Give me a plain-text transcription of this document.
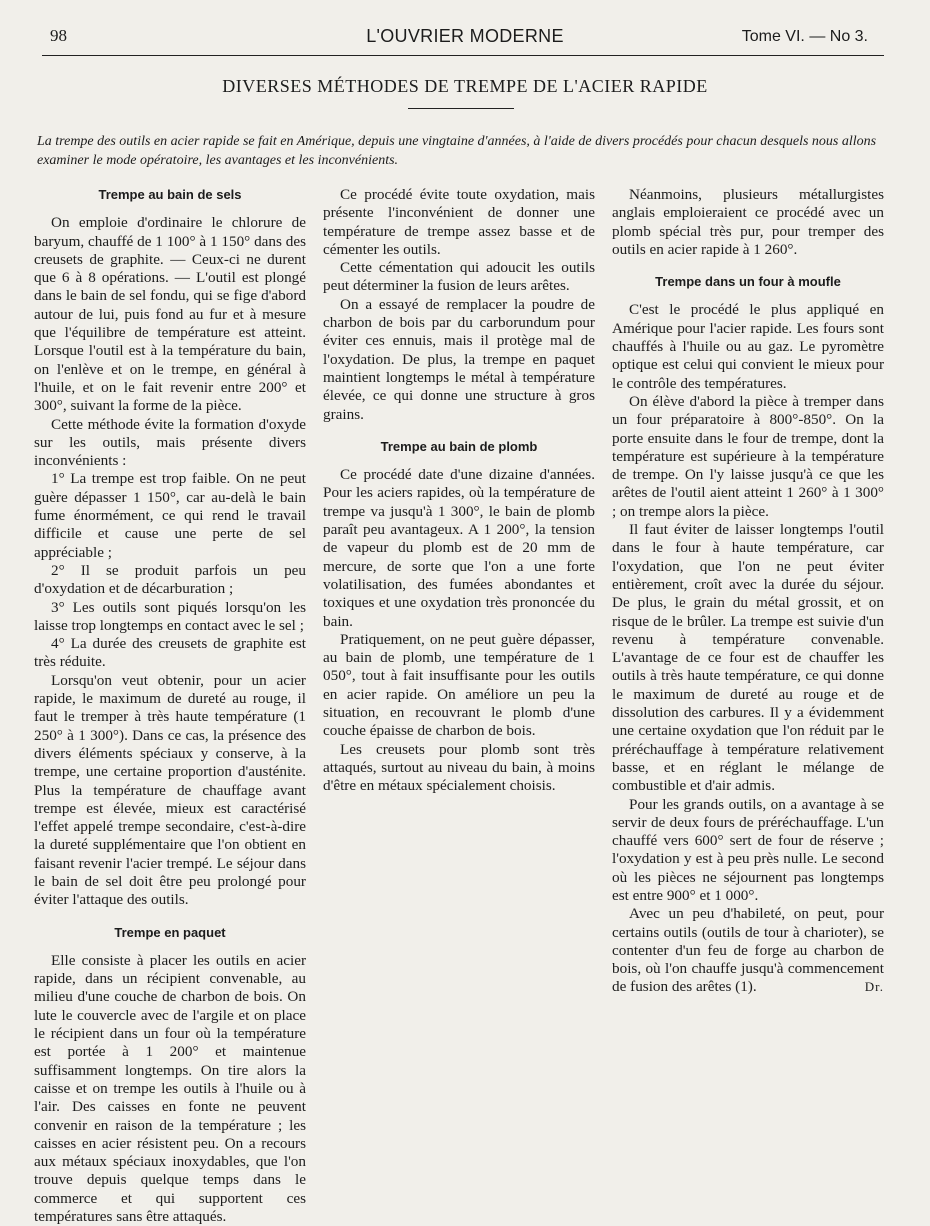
98	L'OUVRIER MODERNE	Tome VI. — No 3.
DIVERSES MÉTHODES DE TREMPE DE L'ACIER RAPIDE
La trempe des outils en acier rapide se fait en Amérique, depuis une vingtaine d'années, à l'aide de divers procédés pour chacun desquels nous allons examiner le mode opératoire, les avantages et les inconvénients.
Trempe au bain de sels

On emploie d'ordinaire le chlorure de baryum, chauffé de 1 100° à 1 150° dans des creusets de graphite. — Ceux-ci ne durent que 6 à 8 opérations. — L'outil est plongé dans le bain de sel fondu, qui se fige d'abord autour de lui, puis fond au fur et à mesure que l'équilibre de température est atteint. Lorsque l'outil est à la température du bain, on l'enlève et on le trempe, en général à l'huile, et on le fait revenir entre 200° et 300°, suivant la forme de la pièce.

Cette méthode évite la formation d'oxyde sur les outils, mais présente divers inconvénients :

1° La trempe est trop faible. On ne peut guère dépasser 1 150°, car au-delà le bain fume énormément, ce qui rend le travail difficile et cause une perte de sel appréciable ;

2° Il se produit parfois un peu d'oxydation et de décarburation ;

3° Les outils sont piqués lorsqu'on les laisse trop longtemps en contact avec le sel ;

4° La durée des creusets de graphite est très réduite.

Lorsqu'on veut obtenir, pour un acier rapide, le maximum de dureté au rouge, il faut le tremper à très haute température (1 250° à 1 300°). Dans ce cas, la présence des divers éléments spéciaux y conserve, à la trempe, une certaine proportion d'austénite. Plus la température de chauffage avant trempe est élevée, mieux est caractérisé l'effet appelé trempe secondaire, c'est-à-dire la dureté supplémentaire que l'on obtient en faisant revenir l'acier trempé. Le séjour dans le bain de sel doit être peu prolongé pour éviter l'attaque des outils.

Trempe en paquet

Elle consiste à placer les outils en acier rapide, dans un récipient convenable, au milieu d'une couche de charbon de bois. On lute le couvercle avec de l'argile et on place le récipient dans un four où la température est portée à 1 200° et maintenue suffisamment longtemps. On tire alors la caisse et on trempe les outils à l'huile ou à l'air. Des caisses en fonte ne peuvent convenir en raison de la température ; les caisses en acier résistent peu. On a recours aux métaux spéciaux inoxydables, que l'on trouve depuis quelque temps dans le commerce et qui supportent ces températures sans être attaqués.

Ce procédé évite toute oxydation, mais présente l'inconvénient de donner une température de trempe assez basse et de cémenter les outils.

Cette cémentation qui adoucit les outils peut déterminer la fusion de leurs arêtes.

On a essayé de remplacer la poudre de charbon de bois par du carborundum pour éviter ces ennuis, mais il protège mal de l'oxydation. De plus, la trempe en paquet maintient longtemps le métal à température élevée, ce qui donne une structure à gros grains.

Trempe au bain de plomb

Ce procédé date d'une dizaine d'années. Pour les aciers rapides, où la température de trempe va jusqu'à 1 300°, le bain de plomb paraît peu avantageux. A 1 200°, la tension de vapeur du plomb est de 20 mm de mercure, de sorte que l'on a une forte volatilisation, des fumées abondantes et toxiques et une oxydation très prononcée du bain.

Pratiquement, on ne peut guère dépasser, au bain de plomb, une température de 1 050°, tout à fait insuffisante pour les outils en acier rapide. On améliore un peu la situation, en recouvrant le plomb d'une couche épaisse de charbon de bois.

Les creusets pour plomb sont très attaqués, surtout au niveau du bain, à moins d'être en métaux spécialement choisis.

Néanmoins, plusieurs métallurgistes anglais emploieraient ce procédé avec un plomb spécial très pur, pour tremper des outils en acier rapide à 1 260°.

Trempe dans un four à moufle

C'est le procédé le plus appliqué en Amérique pour l'acier rapide. Les fours sont chauffés à l'huile ou au gaz. Le pyromètre optique est celui qui convient le mieux pour le contrôle des températures.

On élève d'abord la pièce à tremper dans un four préparatoire à 800°-850°. On la porte ensuite dans le four de trempe, dont la température est supérieure à la température de trempe. On l'y laisse jusqu'à ce que les arêtes de l'outil aient atteint 1 260° à 1 300° ; on trempe alors la pièce.

Il faut éviter de laisser longtemps l'outil dans le four à haute température, car l'oxydation, que l'on ne peut éviter entièrement, croît avec la durée du séjour. De plus, le grain du métal grossit, et on risque de le brûler. La trempe est suivie d'un revenu à température convenable. L'avantage de ce four est de chauffer les outils à très haute température, ce qui donne le maximum de dureté au rouge et de dissolution des carbures. Il y a évidemment une certaine oxydation que l'on réduit par le préréchauffage à température relativement basse, et en réglant le mélange de combustible et d'air admis.

Pour les grands outils, on a avantage à se servir de deux fours de préréchauffage. L'un chauffé vers 600° sert de four de réserve ; l'oxydation y est à peu près nulle. Le second où les pièces ne séjournent pas longtemps est entre 900° et 1 000°.

Avec un peu d'habileté, on peut, pour certains outils (outils de tour à charioter), se contenter d'un feu de forge au charbon de bois, où l'on chauffe jusqu'à commencement de fusion des arêtes (1).	Dr.
